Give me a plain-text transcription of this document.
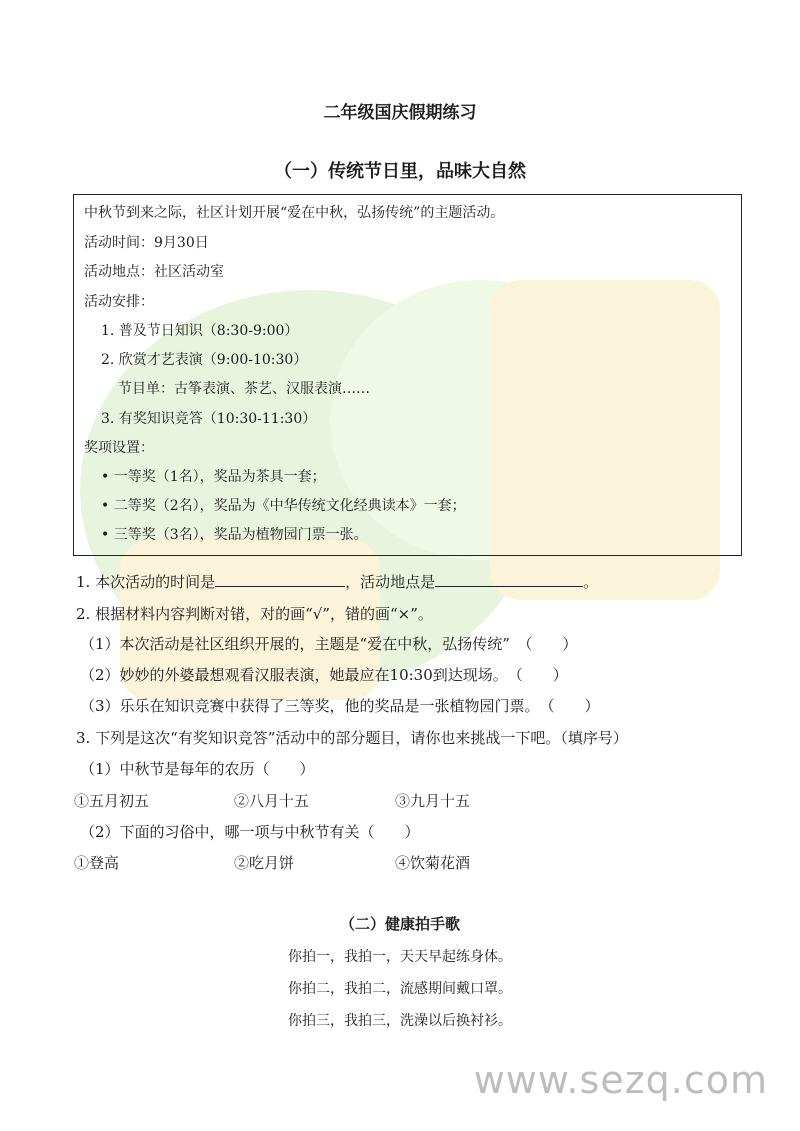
二年级国庆假期练习
（一）传统节日里，品味大自然
中秋节到来之际，社区计划开展“爱在中秋，弘扬传统”的主题活动。
活动时间：9月30日
活动地点：社区活动室
活动安排：
1. 普及节日知识（8:30-9:00）
2. 欣赏才艺表演（9:00-10:30）
节目单：古筝表演、茶艺、汉服表演……
3. 有奖知识竞答（10:30-11:30）
奖项设置：
• 一等奖（1名），奖品为茶具一套；
• 二等奖（2名），奖品为《中华传统文化经典读本》一套；
• 三等奖（3名），奖品为植物园门票一张。
1. 本次活动的时间是	，活动地点是	。
2. 根据材料内容判断对错，对的画“√”，错的画“×”。
（1）本次活动是社区组织开展的，主题是“爱在中秋，弘扬传统”　（　　）
（2）妙妙的外婆最想观看汉服表演，她最应在10:30到达现场。　（　　）
（3）乐乐在知识竞赛中获得了三等奖，他的奖品是一张植物园门票。　（　　）
3. 下列是这次“有奖知识竞答”活动中的部分题目，请你也来挑战一下吧。（填序号）
（1）中秋节是每年的农历（　　）
①五月初五	②八月十五	③九月十五
（2）下面的习俗中，哪一项与中秋节有关（　　）
①登高	②吃月饼	④饮菊花酒
（二）健康拍手歌
你拍一，我拍一，天天早起练身体。
你拍二，我拍二，流感期间戴口罩。
你拍三，我拍三，洗澡以后换衬衫。
www.sezq.com
